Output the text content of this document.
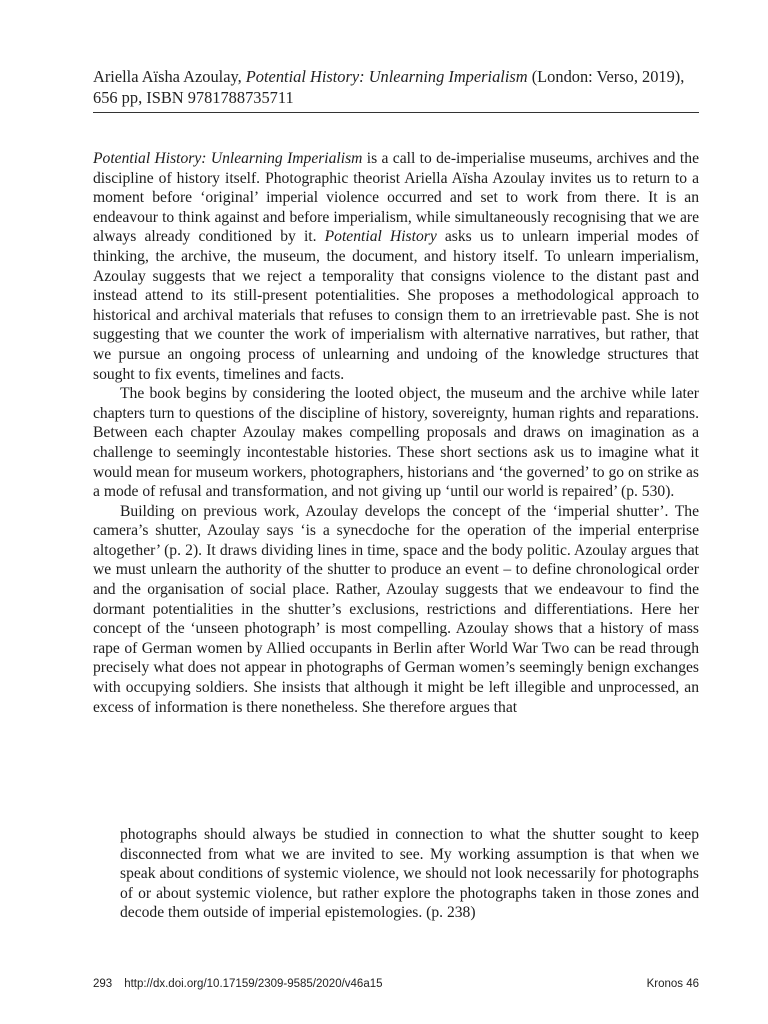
Ariella Aïsha Azoulay, Potential History: Unlearning Imperialism (London: Verso, 2019), 656 pp, ISBN 9781788735711

Potential History: Unlearning Imperialism is a call to de-imperialise museums, archives and the discipline of history itself. Photographic theorist Ariella Aïsha Azoulay invites us to return to a moment before ‘original’ imperial violence occurred and set to work from there. It is an endeavour to think against and before imperialism, while simultaneously recognising that we are always already conditioned by it. Potential History asks us to unlearn imperial modes of thinking, the archive, the museum, the document, and history itself. To unlearn imperialism, Azoulay suggests that we reject a temporality that consigns violence to the distant past and instead attend to its still-present potentialities. She proposes a methodological approach to historical and archival materials that refuses to consign them to an irretrievable past. She is not suggesting that we counter the work of imperialism with alternative narratives, but rather, that we pursue an ongoing process of unlearning and undoing of the knowledge structures that sought to fix events, timelines and facts.

The book begins by considering the looted object, the museum and the archive while later chapters turn to questions of the discipline of history, sovereignty, human rights and reparations. Between each chapter Azoulay makes compelling proposals and draws on imagination as a challenge to seemingly incontestable histories. These short sections ask us to imagine what it would mean for museum workers, photographers, historians and ‘the governed’ to go on strike as a mode of refusal and transformation, and not giving up ‘until our world is repaired’ (p. 530).

Building on previous work, Azoulay develops the concept of the ‘imperial shutter’. The camera’s shutter, Azoulay says ‘is a synecdoche for the operation of the imperial enterprise altogether’ (p. 2). It draws dividing lines in time, space and the body politic. Azoulay argues that we must unlearn the authority of the shutter to produce an event – to define chronological order and the organisation of social place. Rather, Azoulay suggests that we endeavour to find the dormant potentialities in the shutter’s exclusions, restrictions and differentiations. Here her concept of the ‘unseen photograph’ is most compelling. Azoulay shows that a history of mass rape of German women by Allied occupants in Berlin after World War Two can be read through precisely what does not appear in photographs of German women’s seemingly benign exchanges with occupying soldiers. She insists that although it might be left illegible and unprocessed, an excess of information is there nonetheless. She therefore argues that

photographs should always be studied in connection to what the shutter sought to keep disconnected from what we are invited to see. My working assumption is that when we speak about conditions of systemic violence, we should not look necessarily for photographs of or about systemic violence, but rather explore the photographs taken in those zones and decode them outside of imperial epistemologies. (p. 238)

293 http://dx.doi.org/10.17159/2309-9585/2020/v46a15	Kronos 46
